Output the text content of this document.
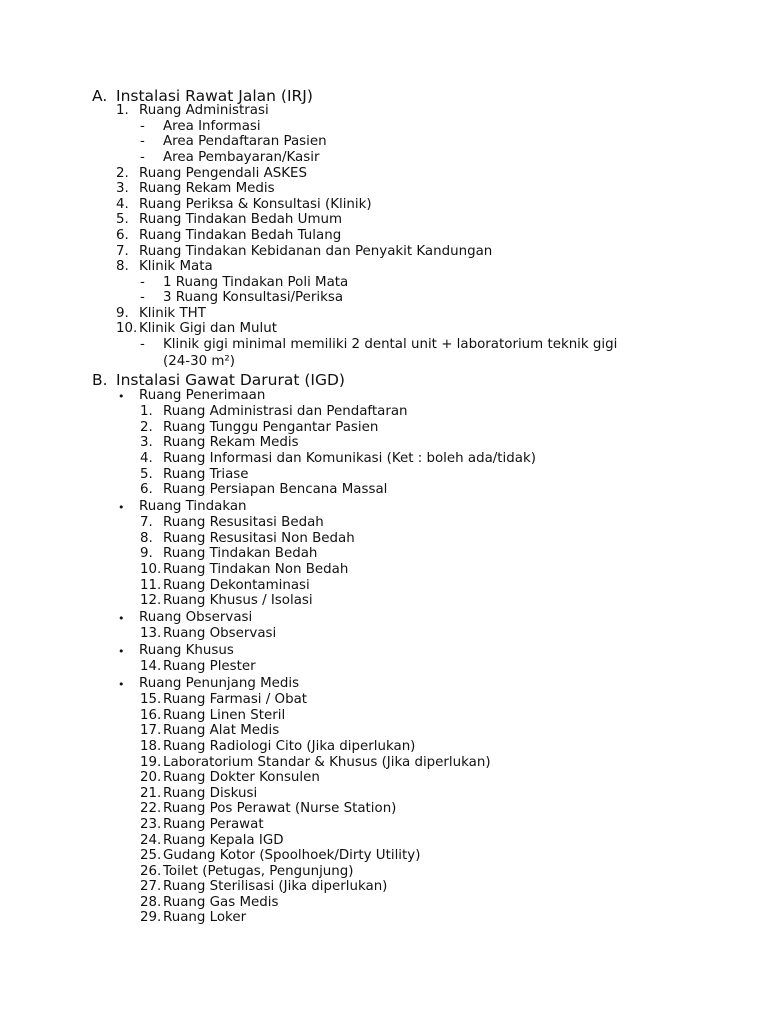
A. Instalasi Rawat Jalan (IRJ)
1. Ruang Administrasi
- Area Informasi
- Area Pendaftaran Pasien
- Area Pembayaran/Kasir
2. Ruang Pengendali ASKES
3. Ruang Rekam Medis
4. Ruang Periksa & Konsultasi (Klinik)
5. Ruang Tindakan Bedah Umum
6. Ruang Tindakan Bedah Tulang
7. Ruang Tindakan Kebidanan dan Penyakit Kandungan
8. Klinik Mata
- 1 Ruang Tindakan Poli Mata
- 3 Ruang Konsultasi/Periksa
9. Klinik THT
10. Klinik Gigi dan Mulut
- Klinik gigi minimal memiliki 2 dental unit + laboratorium teknik gigi
(24-30 m²)
B. Instalasi Gawat Darurat (IGD)
• Ruang Penerimaan
1. Ruang Administrasi dan Pendaftaran
2. Ruang Tunggu Pengantar Pasien
3. Ruang Rekam Medis
4. Ruang Informasi dan Komunikasi (Ket : boleh ada/tidak)
5. Ruang Triase
6. Ruang Persiapan Bencana Massal
• Ruang Tindakan
7. Ruang Resusitasi Bedah
8. Ruang Resusitasi Non Bedah
9. Ruang Tindakan Bedah
10. Ruang Tindakan Non Bedah
11. Ruang Dekontaminasi
12. Ruang Khusus / Isolasi
• Ruang Observasi
13. Ruang Observasi
• Ruang Khusus
14. Ruang Plester
• Ruang Penunjang Medis
15. Ruang Farmasi / Obat
16. Ruang Linen Steril
17. Ruang Alat Medis
18. Ruang Radiologi Cito (Jika diperlukan)
19. Laboratorium Standar & Khusus (Jika diperlukan)
20. Ruang Dokter Konsulen
21. Ruang Diskusi
22. Ruang Pos Perawat (Nurse Station)
23. Ruang Perawat
24. Ruang Kepala IGD
25. Gudang Kotor (Spoolhoek/Dirty Utility)
26. Toilet (Petugas, Pengunjung)
27. Ruang Sterilisasi (Jika diperlukan)
28. Ruang Gas Medis
29. Ruang Loker
